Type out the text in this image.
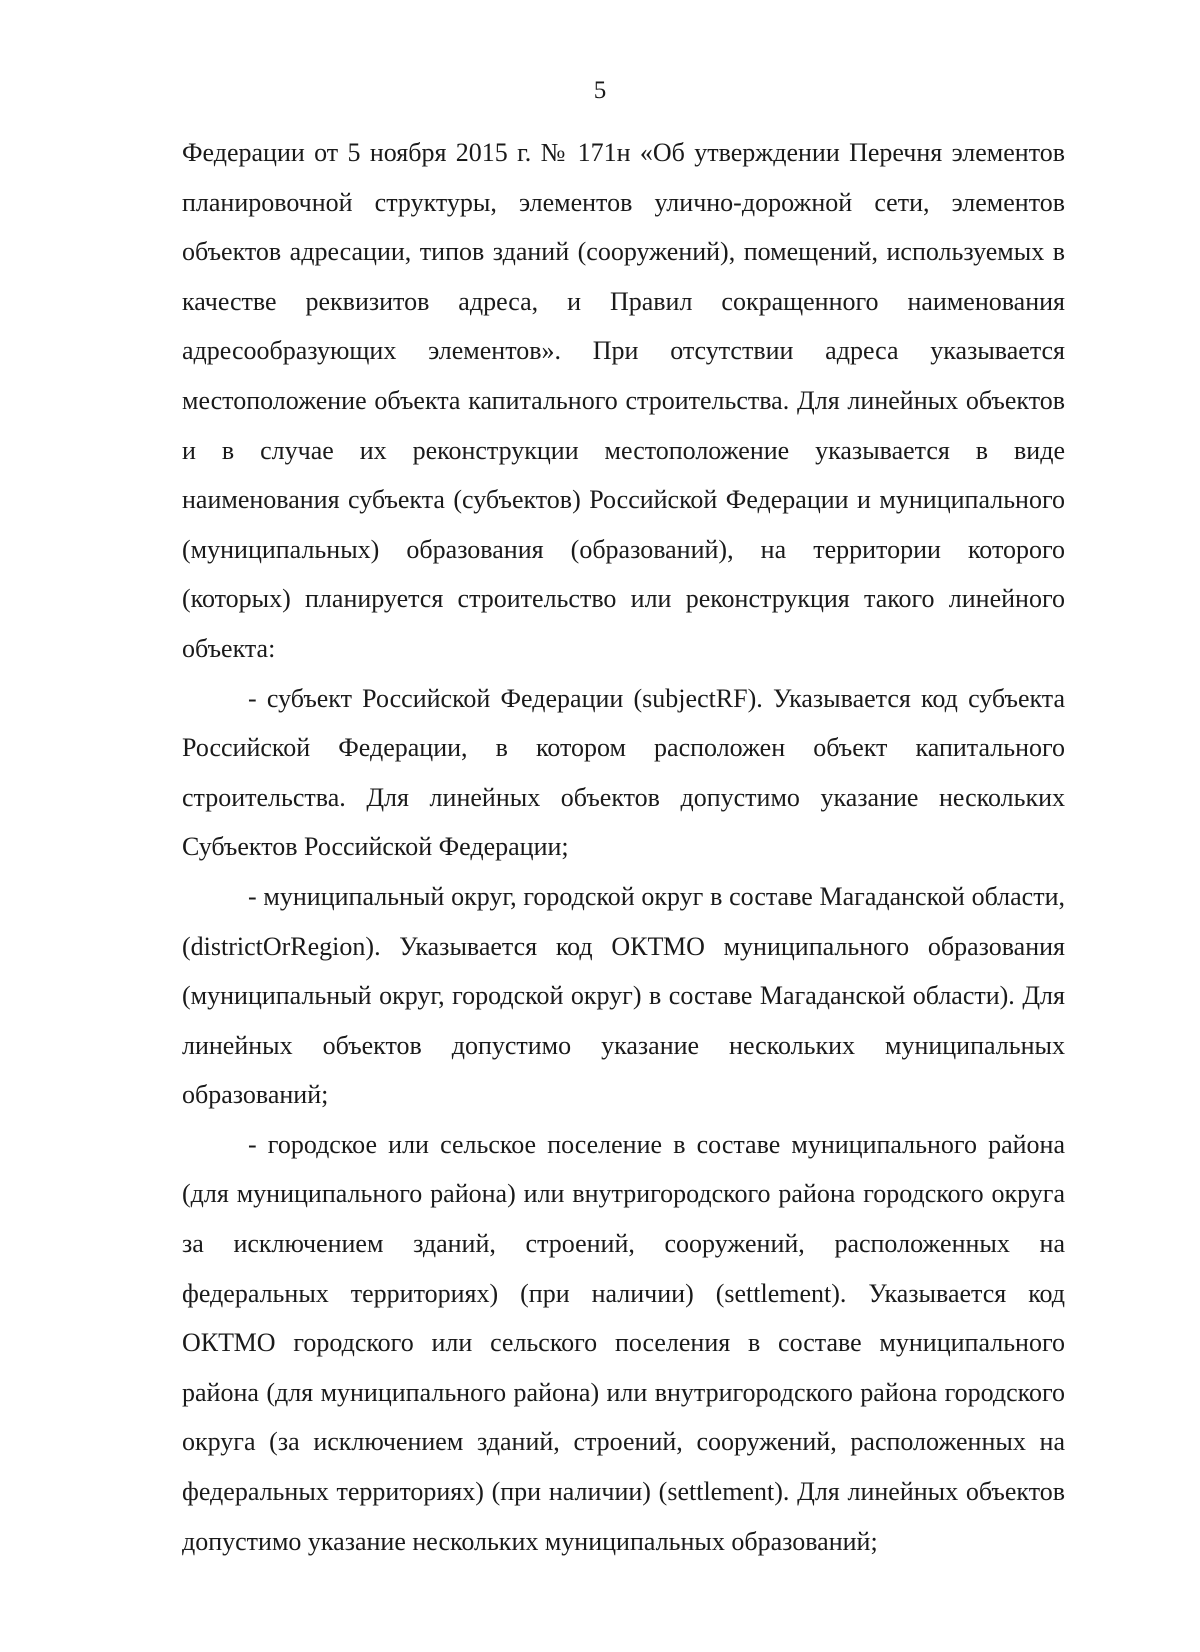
5

Федерации от 5 ноября 2015 г. № 171н «Об утверждении Перечня элементов планировочной структуры, элементов улично-дорожной сети, элементов объектов адресации, типов зданий (сооружений), помещений, используемых в качестве реквизитов адреса, и Правил сокращенного наименования адресообразующих элементов». При отсутствии адреса указывается местоположение объекта капитального строительства. Для линейных объектов и в случае их реконструкции местоположение указывается в виде наименования субъекта (субъектов) Российской Федерации и муниципального (муниципальных) образования (образований), на территории которого (которых) планируется строительство или реконструкция такого линейного объекта:

- субъект Российской Федерации (subjectRF). Указывается код субъекта Российской Федерации, в котором расположен объект капитального строительства. Для линейных объектов допустимо указание нескольких Субъектов Российской Федерации;

- муниципальный округ, городской округ в составе Магаданской области, (districtOrRegion). Указывается код ОКТМО муниципального образования (муниципальный округ, городской округ) в составе Магаданской области). Для линейных объектов допустимо указание нескольких муниципальных образований;

- городское или сельское поселение в составе муниципального района (для муниципального района) или внутригородского района городского округа за исключением зданий, строений, сооружений, расположенных на федеральных территориях) (при наличии) (settlement). Указывается код ОКТМО городского или сельского поселения в составе муниципального района (для муниципального района) или внутригородского района городского округа (за исключением зданий, строений, сооружений, расположенных на федеральных территориях) (при наличии) (settlement). Для линейных объектов допустимо указание нескольких муниципальных образований;
